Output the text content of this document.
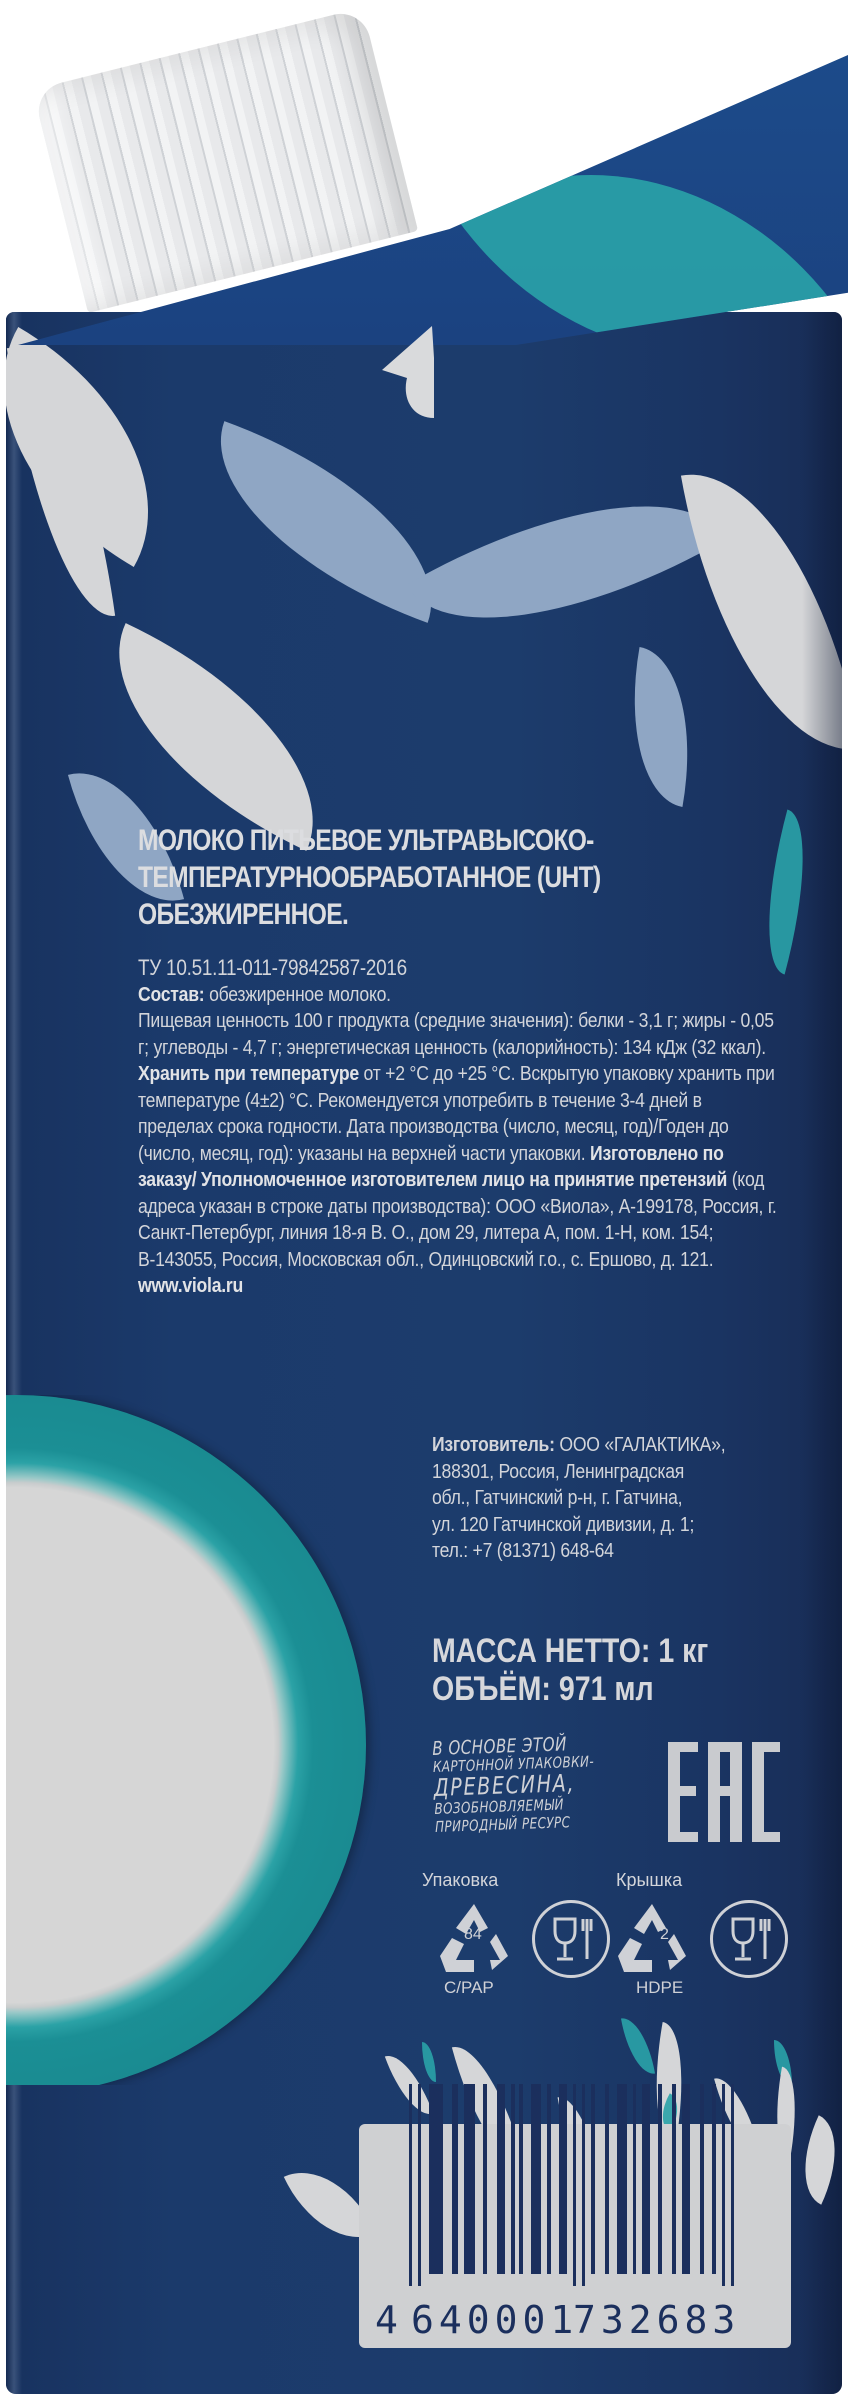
МОЛОКО ПИТЬЕВОЕ УЛЬТРАВЫСОКО-
ТЕМПЕРАТУРНООБРАБОТАННОЕ (UHT)
ОБЕЗЖИРЕННОЕ.
ТУ 10.51.11-011-79842587-2016
Состав: обезжиренное молоко.
Пищевая ценность 100 г продукта (средние значения): белки - 3,1 г; жиры - 0,05 г; углеводы - 4,7 г; энергетическая ценность (калорийность): 134 кДж (32 ккал). Хранить при температуре от +2 °С до +25 °С. Вскрытую упаковку хранить при температуре (4±2) °С. Рекомендуется употребить в течение 3-4 дней в пределах срока годности. Дата производства (число, месяц, год)/Годен до (число, месяц, год): указаны на верхней части упаковки. Изготовлено по заказу/ Уполномоченное изготовителем лицо на принятие претензий (код адреса указан в строке даты производства): ООО «Виола», А-199178, Россия, г. Санкт-Петербург, линия 18-я В. О., дом 29, литера А, пом. 1-Н, ком. 154; В-143055, Россия, Московская обл., Одинцовский г.о., с. Ершово, д. 121. www.viola.ru
Изготовитель: ООО «ГАЛАКТИКА»,
188301, Россия, Ленинградская
обл., Гатчинский р-н, г. Гатчина,
ул. 120 Гатчинской дивизии, д. 1;
тел.: +7 (81371) 648-64
МАССА НЕТТО: 1 кг
ОБЪЁМ: 971 мл
В ОСНОВЕ ЭТОЙ
КАРТОННОЙ УПАКОВКИ-
ДРЕВЕСИНА,
ВОЗОБНОВЛЯЕМЫЙ
ПРИРОДНЫЙ РЕСУРС
Упаковка	Крышка
84
C/PAP
2
HDPE
4 640001
732683
